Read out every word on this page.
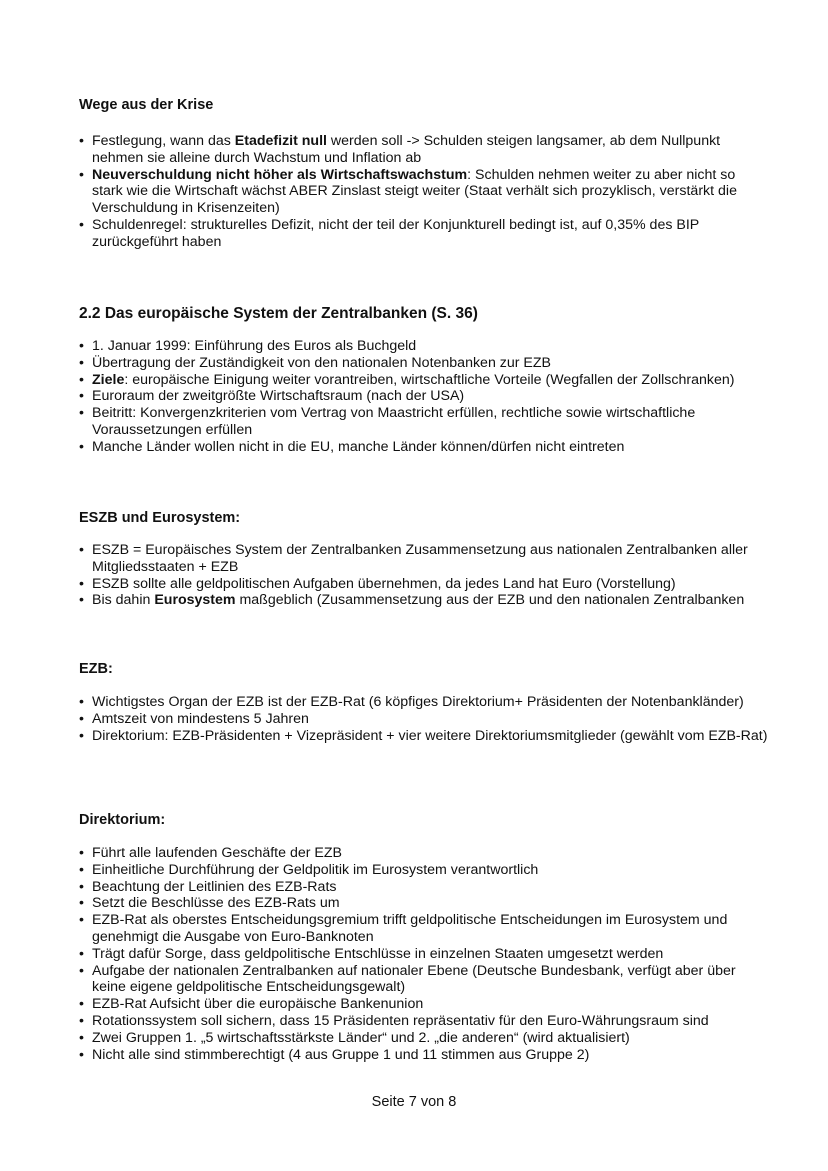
Wege aus der Krise
• Festlegung, wann das Etadefizit null werden soll -> Schulden steigen langsamer, ab dem Nullpunkt nehmen sie alleine durch Wachstum und Inflation ab
• Neuverschuldung nicht höher als Wirtschaftswachstum: Schulden nehmen weiter zu aber nicht so stark wie die Wirtschaft wächst ABER Zinslast steigt weiter (Staat verhält sich prozyklisch, verstärkt die Verschuldung in Krisenzeiten)
• Schuldenregel: strukturelles Defizit, nicht der teil der Konjunkturell bedingt ist, auf 0,35% des BIP zurückgeführt haben
2.2 Das europäische System der Zentralbanken (S. 36)
• 1. Januar 1999: Einführung des Euros als Buchgeld
• Übertragung der Zuständigkeit von den nationalen Notenbanken zur EZB
• Ziele: europäische Einigung weiter vorantreiben, wirtschaftliche Vorteile (Wegfallen der Zollschranken)
• Euroraum der zweitgrößte Wirtschaftsraum (nach der USA)
• Beitritt: Konvergenzkriterien vom Vertrag von Maastricht erfüllen, rechtliche sowie wirtschaftliche Voraussetzungen erfüllen
• Manche Länder wollen nicht in die EU, manche Länder können/dürfen nicht eintreten
ESZB und Eurosystem:
• ESZB = Europäisches System der Zentralbanken Zusammensetzung aus nationalen Zentralbanken aller Mitgliedsstaaten + EZB
• ESZB sollte alle geldpolitischen Aufgaben übernehmen, da jedes Land hat Euro (Vorstellung)
• Bis dahin Eurosystem maßgeblich (Zusammensetzung aus der EZB und den nationalen Zentralbanken
EZB:
• Wichtigstes Organ der EZB ist der EZB-Rat (6 köpfiges Direktorium+ Präsidenten der Notenbankländer)
• Amtszeit von mindestens 5 Jahren
• Direktorium: EZB-Präsidenten + Vizepräsident + vier weitere Direktoriumsmitglieder (gewählt vom EZB-Rat)
Direktorium:
• Führt alle laufenden Geschäfte der EZB
• Einheitliche Durchführung der Geldpolitik im Eurosystem verantwortlich
• Beachtung der Leitlinien des EZB-Rats
• Setzt die Beschlüsse des EZB-Rats um
• EZB-Rat als oberstes Entscheidungsgremium trifft geldpolitische Entscheidungen im Eurosystem und genehmigt die Ausgabe von Euro-Banknoten
• Trägt dafür Sorge, dass geldpolitische Entschlüsse in einzelnen Staaten umgesetzt werden
• Aufgabe der nationalen Zentralbanken auf nationaler Ebene (Deutsche Bundesbank, verfügt aber über keine eigene geldpolitische Entscheidungsgewalt)
• EZB-Rat Aufsicht über die europäische Bankenunion
• Rotationssystem soll sichern, dass 15 Präsidenten repräsentativ für den Euro-Währungsraum sind
• Zwei Gruppen 1. „5 wirtschaftsstärkste Länder“ und 2. „die anderen“ (wird aktualisiert)
• Nicht alle sind stimmberechtigt (4 aus Gruppe 1 und 11 stimmen aus Gruppe 2)
Seite 7 von 8
